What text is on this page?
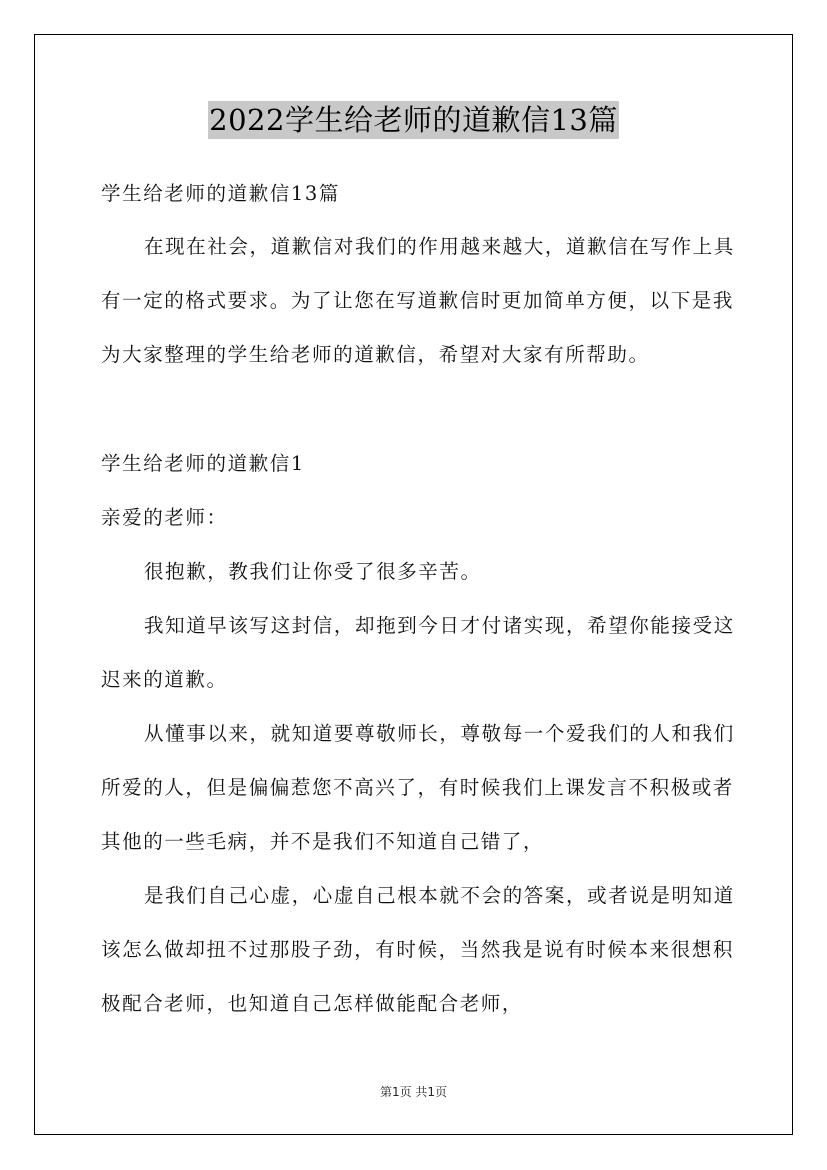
2022学生给老师的道歉信13篇
学生给老师的道歉信13篇
在现在社会，道歉信对我们的作用越来越大，道歉信在写作上具
有一定的格式要求。为了让您在写道歉信时更加简单方便，以下是我
为大家整理的学生给老师的道歉信，希望对大家有所帮助。
学生给老师的道歉信1
亲爱的老师：
很抱歉，教我们让你受了很多辛苦。
我知道早该写这封信，却拖到今日才付诸实现，希望你能接受这
迟来的道歉。
从懂事以来，就知道要尊敬师长，尊敬每一个爱我们的人和我们
所爱的人，但是偏偏惹您不高兴了，有时候我们上课发言不积极或者
其他的一些毛病，并不是我们不知道自己错了，
是我们自己心虚，心虚自己根本就不会的答案，或者说是明知道
该怎么做却扭不过那股子劲，有时候，当然我是说有时候本来很想积
极配合老师，也知道自己怎样做能配合老师，
第1页 共1页
